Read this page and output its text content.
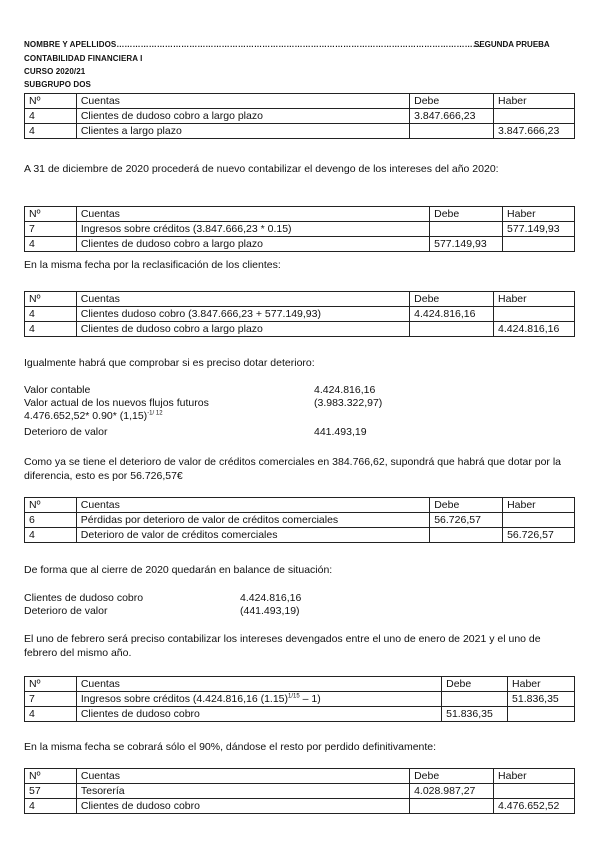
NOMBRE Y APELLIDOS………………………………………………………………………………………………………………………
SEGUNDA PRUEBA
CONTABILIDAD FINANCIERA I
CURSO 2020/21
SUBGRUPO DOS
Nº	Cuentas	Debe	Haber
4	Clientes de dudoso cobro a largo plazo	3.847.666,23	
4	Clientes a largo plazo		3.847.666,23
A 31 de diciembre de 2020 procederá de nuevo contabilizar el devengo de los intereses del año 2020:
Nº	Cuentas	Debe	Haber
7	Ingresos sobre créditos (3.847.666,23 * 0.15)		577.149,93
4	Clientes de dudoso cobro a largo plazo	577.149,93	
En la misma fecha por la reclasificación de los clientes:
Nº	Cuentas	Debe	Haber
4	Clientes dudoso cobro (3.847.666,23 + 577.149,93)	4.424.816,16	
4	Clientes de dudoso cobro a largo plazo		4.424.816,16
Igualmente habrá que comprobar si es preciso dotar deterioro:
Valor contable	4.424.816,16
Valor actual de los nuevos flujos futuros	(3.983.322,97)
4.476.652,52* 0.90* $(1,15)^{-1/ 12}$
Deterioro de valor	441.493,19
Como ya se tiene el deterioro de valor de créditos comerciales en 384.766,62, supondrá que habrá que dotar por la diferencia, esto es por 56.726,57€
Nº	Cuentas	Debe	Haber
6	Pérdidas por deterioro de valor de créditos comerciales	56.726,57	
4	Deterioro de valor de créditos comerciales		56.726,57
De forma que al cierre de 2020 quedarán en balance de situación:
Clientes de dudoso cobro	4.424.816,16
Deterioro de valor	(441.493,19)
El uno de febrero será preciso contabilizar los intereses devengados entre el uno de enero de 2021 y el uno de febrero del mismo año.
Nº	Cuentas	Debe	Haber
7	Ingresos sobre créditos (4.424.816,16 $(1.15)^{1/15} - 1$)		51.836,35
4	Clientes de dudoso cobro	51.836,35	
En la misma fecha se cobrará sólo el 90%, dándose el resto por perdido definitivamente:
Nº	Cuentas	Debe	Haber
57	Tesorería	4.028.987,27	
4	Clientes de dudoso cobro		4.476.652,52
